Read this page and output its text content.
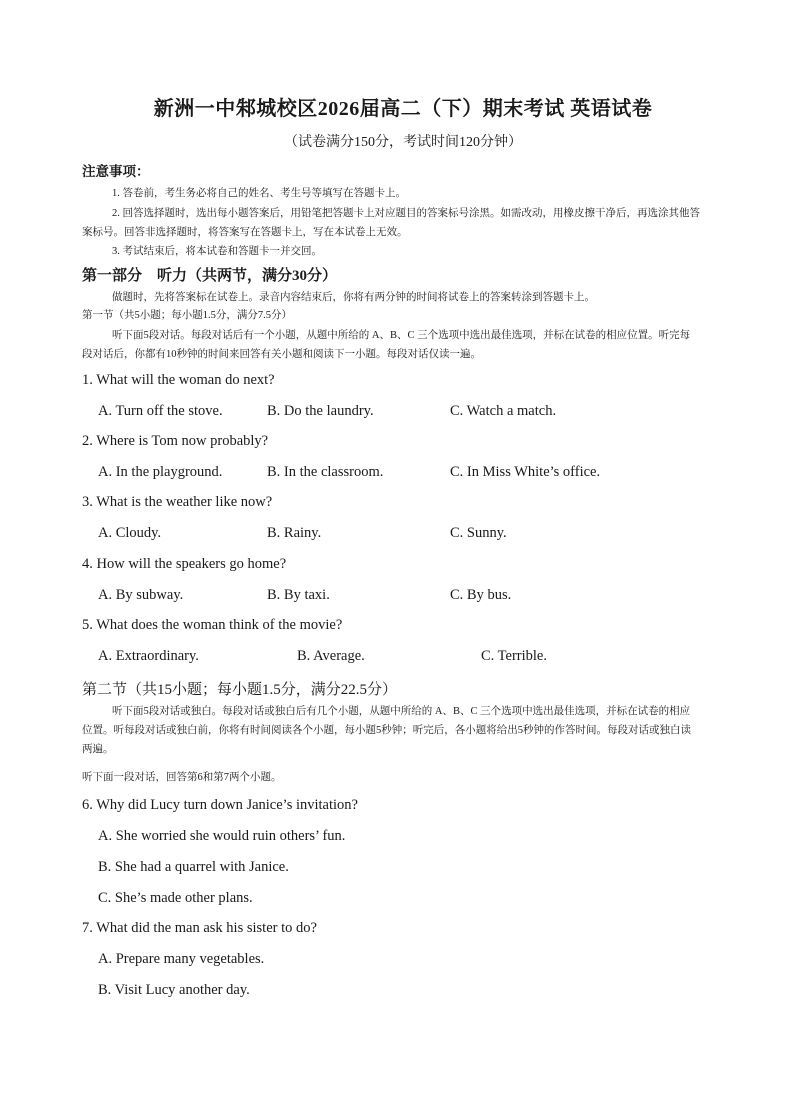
新洲一中邾城校区2026届高二（下）期末考试 英语试卷
（试卷满分150分，考试时间120分钟）
注意事项：
1. 答卷前，考生务必将自己的姓名、考生号等填写在答题卡上。
2. 回答选择题时，选出每小题答案后，用铅笔把答题卡上对应题目的答案标号涂黑。如需改动，用橡皮擦干净后，再选涂其他答
案标号。回答非选择题时，将答案写在答题卡上，写在本试卷上无效。
3. 考试结束后，将本试卷和答题卡一并交回。
第一部分　听力（共两节，满分30分）
做题时，先将答案标在试卷上。录音内容结束后，你将有两分钟的时间将试卷上的答案转涂到答题卡上。
第一节（共5小题；每小题1.5分，满分7.5分）
听下面5段对话。每段对话后有一个小题，从题中所给的 A、B、C 三个选项中选出最佳选项，并标在试卷的相应位置。听完每
段对话后，你都有10秒钟的时间来回答有关小题和阅读下一小题。每段对话仅读一遍。
1. What will the woman do next?
A. Turn off the stove.	B. Do the laundry.	C. Watch a match.
2. Where is Tom now probably?
A. In the playground.	B. In the classroom.	C. In Miss White’s office.
3. What is the weather like now?
A. Cloudy.	B. Rainy.	C. Sunny.
4. How will the speakers go home?
A. By subway.	B. By taxi.	C. By bus.
5. What does the woman think of the movie?
A. Extraordinary.	B. Average.	C. Terrible.
第二节（共15小题；每小题1.5分，满分22.5分）
听下面5段对话或独白。每段对话或独白后有几个小题，从题中所给的 A、B、C 三个选项中选出最佳选项，并标在试卷的相应
位置。听每段对话或独白前，你将有时间阅读各个小题，每小题5秒钟；听完后，各小题将给出5秒钟的作答时间。每段对话或独白读
两遍。
听下面一段对话，回答第6和第7两个小题。
6. Why did Lucy turn down Janice’s invitation?
A. She worried she would ruin others’ fun.
B. She had a quarrel with Janice.
C. She’s made other plans.
7. What did the man ask his sister to do?
A. Prepare many vegetables.
B. Visit Lucy another day.
